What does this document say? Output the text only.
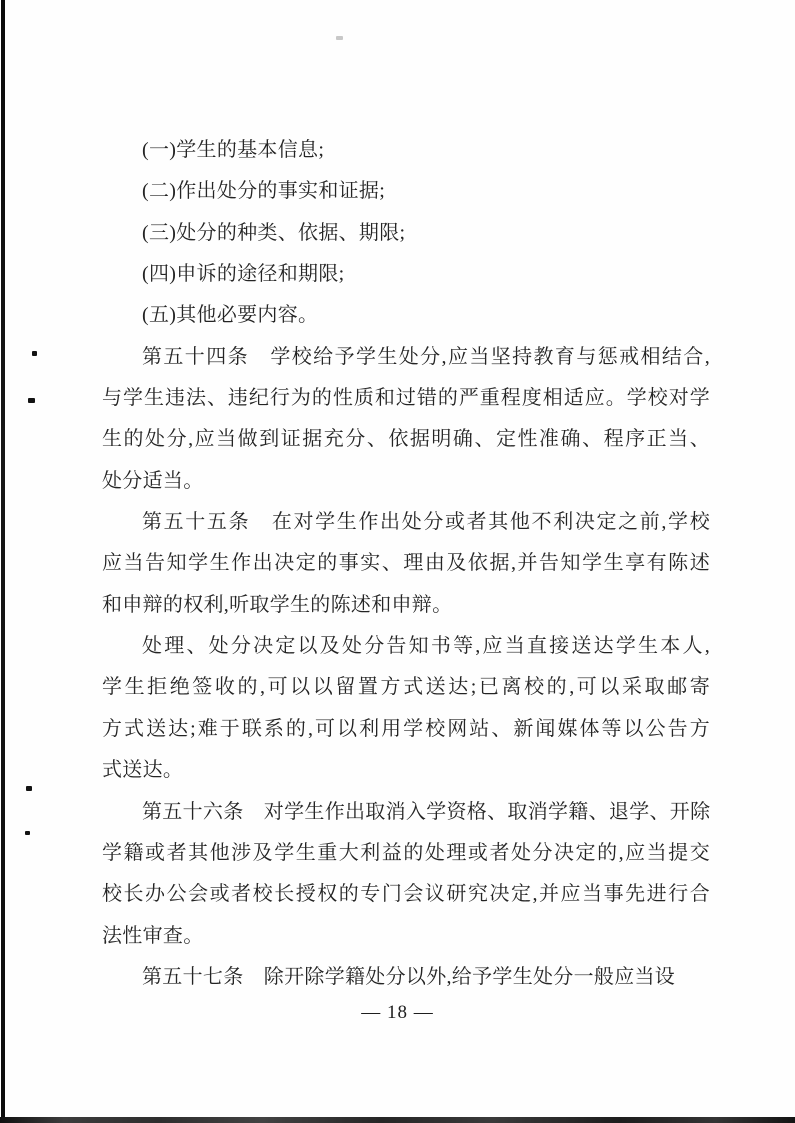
(一)学生的基本信息;
(二)作出处分的事实和证据;
(三)处分的种类、依据、期限;
(四)申诉的途径和期限;
(五)其他必要内容。
第五十四条　学校给予学生处分,应当坚持教育与惩戒相结合,
与学生违法、违纪行为的性质和过错的严重程度相适应。学校对学
生的处分,应当做到证据充分、依据明确、定性准确、程序正当、
处分适当。
第五十五条　在对学生作出处分或者其他不利决定之前,学校
应当告知学生作出决定的事实、理由及依据,并告知学生享有陈述
和申辩的权利,听取学生的陈述和申辩。
处理、处分决定以及处分告知书等,应当直接送达学生本人,
学生拒绝签收的,可以以留置方式送达;已离校的,可以采取邮寄
方式送达;难于联系的,可以利用学校网站、新闻媒体等以公告方
式送达。
第五十六条　对学生作出取消入学资格、取消学籍、退学、开除
学籍或者其他涉及学生重大利益的处理或者处分决定的,应当提交
校长办公会或者校长授权的专门会议研究决定,并应当事先进行合
法性审查。
第五十七条　除开除学籍处分以外,给予学生处分一般应当设
— 18 —
